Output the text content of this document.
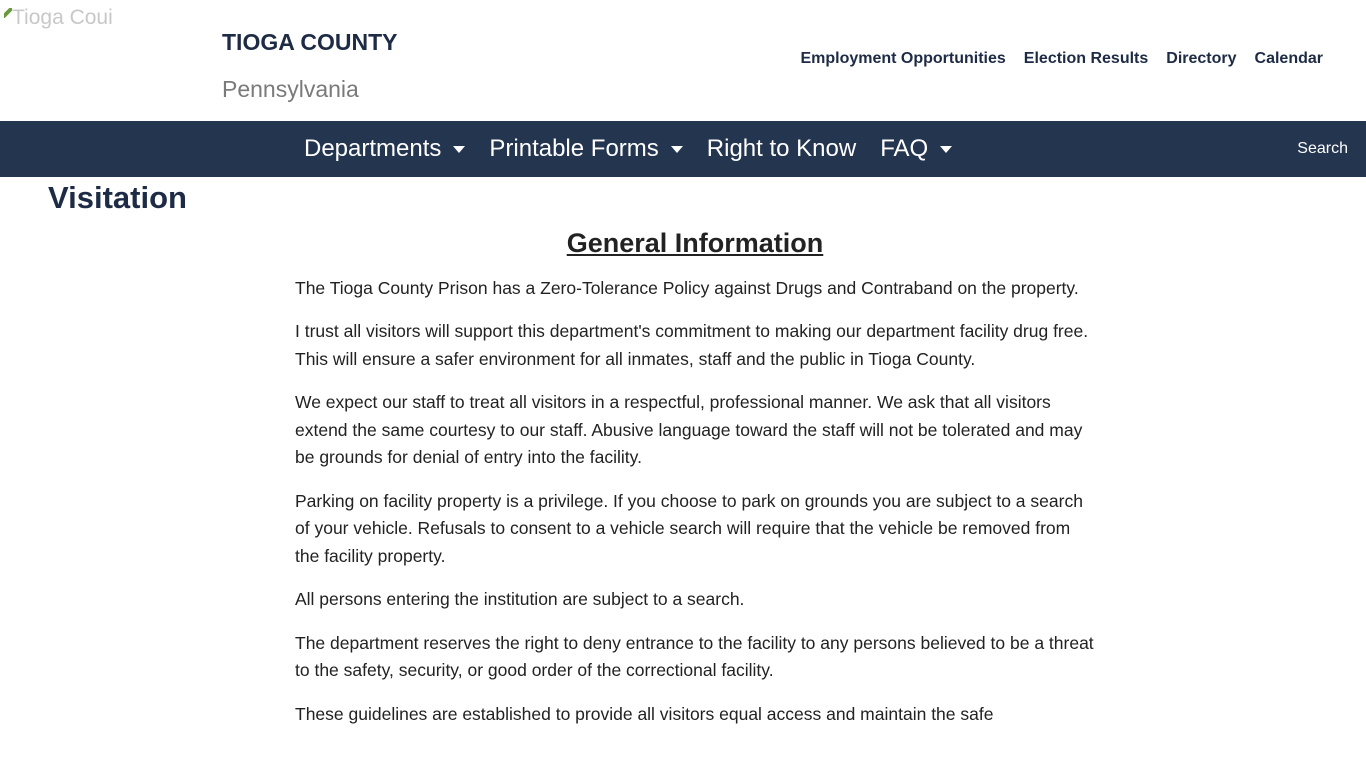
Tioga Coui
TIOGA COUNTY
Pennsylvania
Employment Opportunities Election Results Directory Calendar
Departments Printable Forms Right to Know FAQ	Search
Visitation
General Information

The Tioga County Prison has a Zero-Tolerance Policy against Drugs and Contraband on the property.

I trust all visitors will support this department's commitment to making our department facility drug free. This will ensure a safer environment for all inmates, staff and the public in Tioga County.

We expect our staff to treat all visitors in a respectful, professional manner. We ask that all visitors extend the same courtesy to our staff. Abusive language toward the staff will not be tolerated and may be grounds for denial of entry into the facility.

Parking on facility property is a privilege. If you choose to park on grounds you are subject to a search of your vehicle. Refusals to consent to a vehicle search will require that the vehicle be removed from the facility property.

All persons entering the institution are subject to a search.

The department reserves the right to deny entrance to the facility to any persons believed to be a threat to the safety, security, or good order of the correctional facility.

These guidelines are established to provide all visitors equal access and maintain the safe
